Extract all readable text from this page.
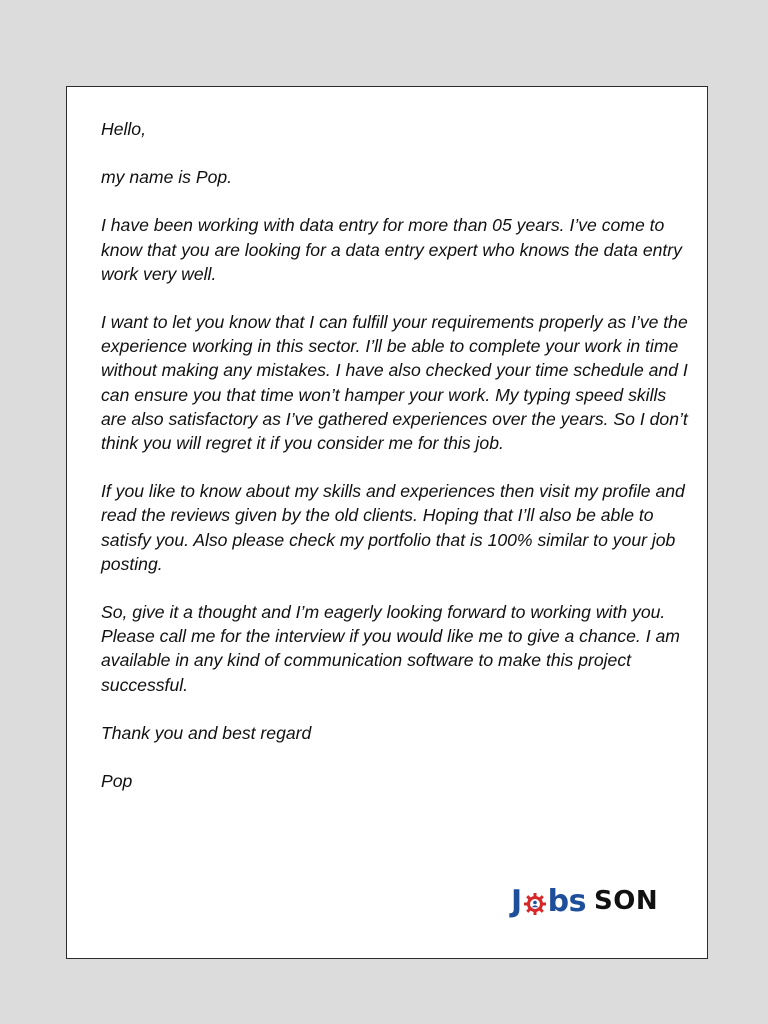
Hello,

my name is Pop.

I have been working with data entry for more than 05 years. I’ve come to know that you are looking for a data entry expert who knows the data entry work very well.

I want to let you know that I can fulfill your requirements properly as I’ve the experience working in this sector. I’ll be able to complete your work in time without making any mistakes. I have also checked your time schedule and I can ensure you that time won’t hamper your work. My typing speed skills are also satisfactory as I’ve gathered experiences over the years. So I don’t think you will regret it if you consider me for this job.

If you like to know about my skills and experiences then visit my profile and read the reviews given by the old clients. Hoping that I’ll also be able to satisfy you. Also please check my portfolio that is 100% similar to your job posting.

So, give it a thought and I’m eagerly looking forward to working with you. Please call me for the interview if you would like me to give a chance. I am available in any kind of communication software to make this project successful.

Thank you and best regard

Pop

J bs SON
